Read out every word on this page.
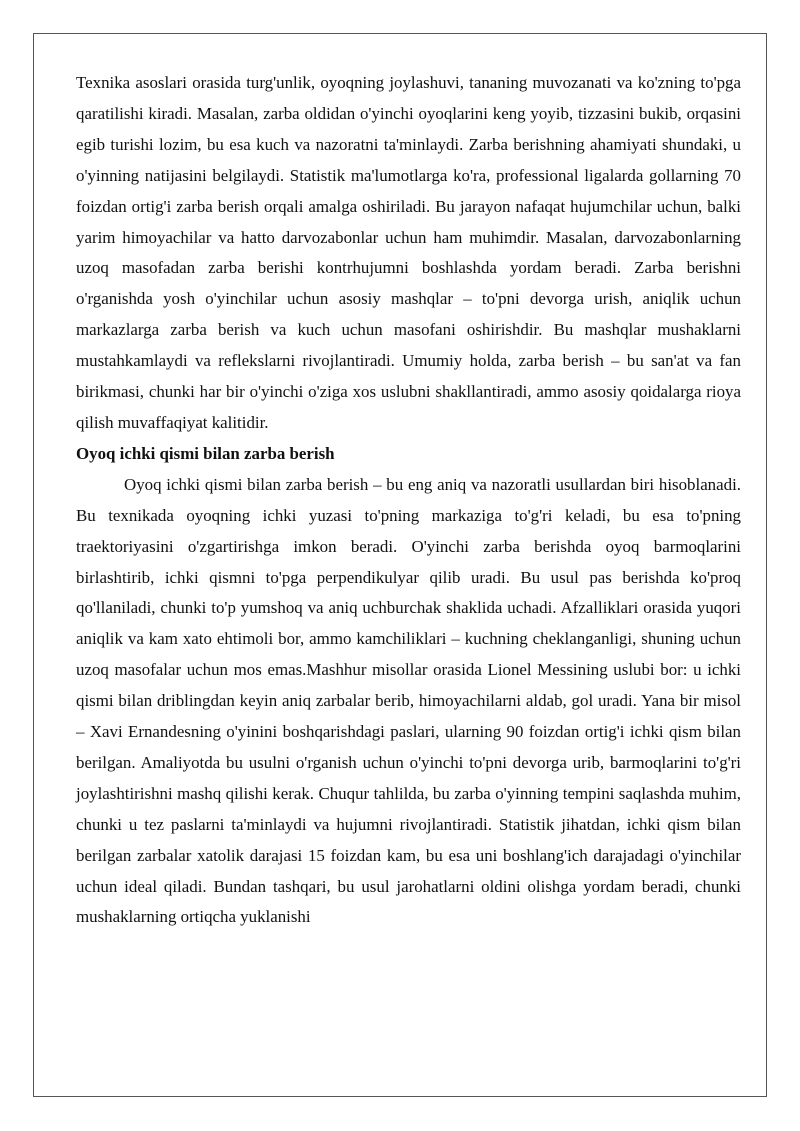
Texnika asoslari orasida turg'unlik, oyoqning joylashuvi, tananing muvozanati va ko'zning to'pga qaratilishi kiradi. Masalan, zarba oldidan o'yinchi oyoqlarini keng yoyib, tizzasini bukib, orqasini egib turishi lozim, bu esa kuch va nazoratni ta'minlaydi. Zarba berishning ahamiyati shundaki, u o'yinning natijasini belgilaydi. Statistik ma'lumotlarga ko'ra, professional ligalarda gollarning 70 foizdan ortig'i zarba berish orqali amalga oshiriladi. Bu jarayon nafaqat hujumchilar uchun, balki yarim himoyachilar va hatto darvozabonlar uchun ham muhimdir. Masalan, darvozabonlarning uzoq masofadan zarba berishi kontrhujumni boshlashda yordam beradi. Zarba berishni o'rganishda yosh o'yinchilar uchun asosiy mashqlar – to'pni devorga urish, aniqlik uchun markazlarga zarba berish va kuch uchun masofani oshirishdir. Bu mashqlar mushaklarni mustahkamlaydi va reflekslarni rivojlantiradi. Umumiy holda, zarba berish – bu san'at va fan birikmasi, chunki har bir o'yinchi o'ziga xos uslubni shakllantiradi, ammo asosiy qoidalarga rioya qilish muvaffaqiyat kalitidir.

Oyoq ichki qismi bilan zarba berish

Oyoq ichki qismi bilan zarba berish – bu eng aniq va nazoratli usullardan biri hisoblanadi. Bu texnikada oyoqning ichki yuzasi to'pning markaziga to'g'ri keladi, bu esa to'pning traektoriyasini o'zgartirishga imkon beradi. O'yinchi zarba berishda oyoq barmoqlarini birlashtirib, ichki qismni to'pga perpendikulyar qilib uradi. Bu usul pas berishda ko'proq qo'llaniladi, chunki to'p yumshoq va aniq uchburchak shaklida uchadi. Afzalliklari orasida yuqori aniqlik va kam xato ehtimoli bor, ammo kamchiliklari – kuchning cheklanganligi, shuning uchun uzoq masofalar uchun mos emas.Mashhur misollar orasida Lionel Messining uslubi bor: u ichki qismi bilan driblingdan keyin aniq zarbalar berib, himoyachilarni aldab, gol uradi. Yana bir misol – Xavi Ernandesning o'yinini boshqarishdagi paslari, ularning 90 foizdan ortig'i ichki qism bilan berilgan. Amaliyotda bu usulni o'rganish uchun o'yinchi to'pni devorga urib, barmoqlarini to'g'ri joylashtirishni mashq qilishi kerak. Chuqur tahlilda, bu zarba o'yinning tempini saqlashda muhim, chunki u tez paslarni ta'minlaydi va hujumni rivojlantiradi. Statistik jihatdan, ichki qism bilan berilgan zarbalar xatolik darajasi 15 foizdan kam, bu esa uni boshlang'ich darajadagi o'yinchilar uchun ideal qiladi. Bundan tashqari, bu usul jarohatlarni oldini olishga yordam beradi, chunki mushaklarning ortiqcha yuklanishi
